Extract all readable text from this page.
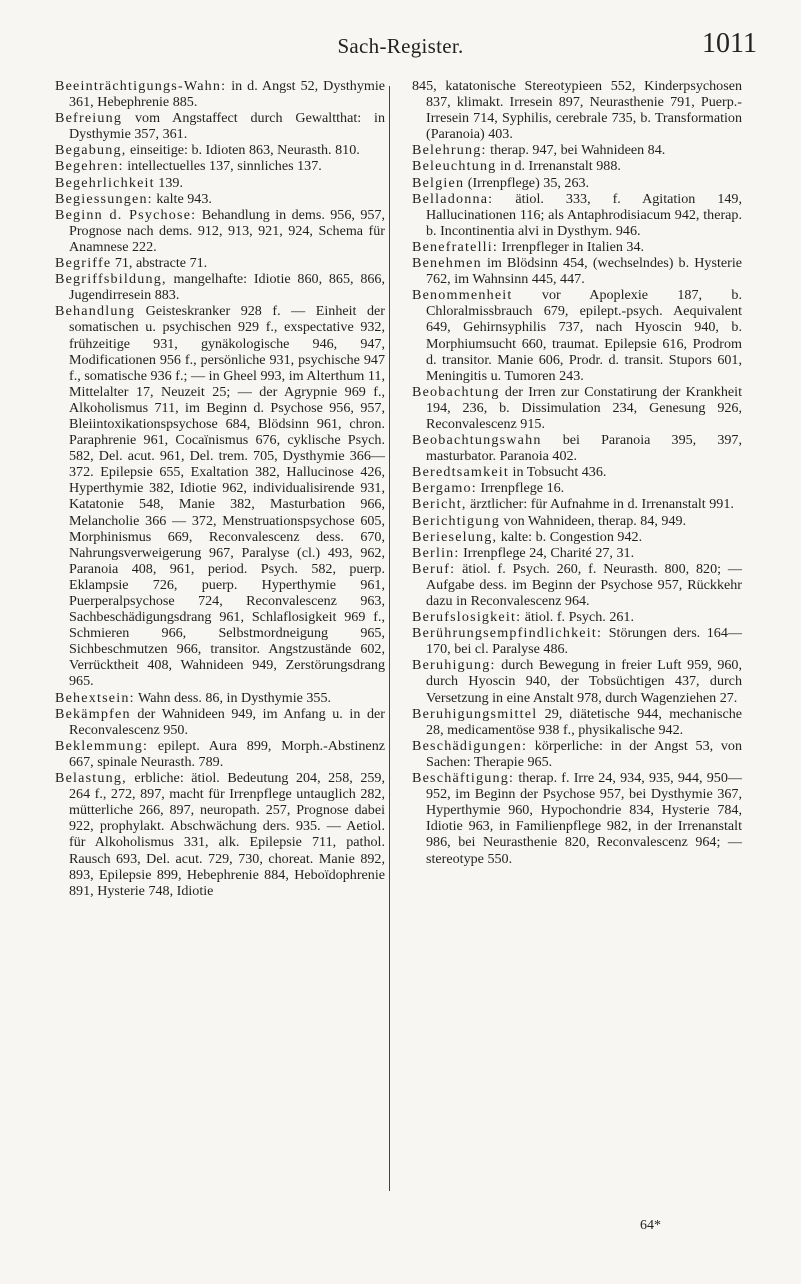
Sach-Register.	1011

Beeinträchtigungs-Wahn: in d. Angst 52, Dysthymie 361, Hebephrenie 885.

Befreiung vom Angstaffect durch Gewaltthat: in Dysthymie 357, 361.

Begabung, einseitige: b. Idioten 863, Neurasth. 810.

Begehren: intellectuelles 137, sinnliches 137.

Begehrlichkeit 139.

Begiessungen: kalte 943.

Beginn d. Psychose: Behandlung in dems. 956, 957, Prognose nach dems. 912, 913, 921, 924, Schema für Anamnese 222.

Begriffe 71, abstracte 71.

Begriffsbildung, mangelhafte: Idiotie 860, 865, 866, Jugendirresein 883.

Behandlung Geisteskranker 928 f. — Einheit der somatischen u. psychischen 929 f., exspectative 932, frühzeitige 931, gynäkologische 946, 947, Modificationen 956 f., persönliche 931, psychische 947 f., somatische 936 f.; — in Gheel 993, im Alterthum 11, Mittelalter 17, Neuzeit 25; — der Agrypnie 969 f., Alkoholismus 711, im Beginn d. Psychose 956, 957, Bleiintoxikationspsychose 684, Blödsinn 961, chron. Paraphrenie 961, Cocaïnismus 676, cyklische Psych. 582, Del. acut. 961, Del. trem. 705, Dysthymie 366—372. Epilepsie 655, Exaltation 382, Hallucinose 426, Hyperthymie 382, Idiotie 962, individualisirende 931, Katatonie 548, Manie 382, Masturbation 966, Melancholie 366 — 372, Menstruationspsychose 605, Morphinismus 669, Reconvalescenz dess. 670, Nahrungsverweigerung 967, Paralyse (cl.) 493, 962, Paranoia 408, 961, period. Psych. 582, puerp. Eklampsie 726, puerp. Hyperthymie 961, Puerperalpsychose 724, Reconvalescenz 963, Sachbeschädigungsdrang 961, Schlaflosigkeit 969 f., Schmieren 966, Selbstmordneigung 965, Sichbeschmutzen 966, transitor. Angstzustände 602, Verrücktheit 408, Wahnideen 949, Zerstörungsdrang 965.

Behextsein: Wahn dess. 86, in Dysthymie 355.

Bekämpfen der Wahnideen 949, im Anfang u. in der Reconvalescenz 950.

Beklemmung: epilept. Aura 899, Morph.-Abstinenz 667, spinale Neurasth. 789.

Belastung, erbliche: ätiol. Bedeutung 204, 258, 259, 264 f., 272, 897, macht für Irrenpflege untauglich 282, mütterliche 266, 897, neuropath. 257, Prognose dabei 922, prophylakt. Abschwächung ders. 935. — Aetiol. für Alkoholismus 331, alk. Epilepsie 711, pathol. Rausch 693, Del. acut. 729, 730, choreat. Manie 892, 893, Epilepsie 899, Hebephrenie 884, Heboïdophrenie 891, Hysterie 748, Idiotie

845, katatonische Stereotypieen 552, Kinderpsychosen 837, klimakt. Irresein 897, Neurasthenie 791, Puerp.-Irresein 714, Syphilis, cerebrale 735, b. Transformation (Paranoia) 403.

Belehrung: therap. 947, bei Wahnideen 84.

Beleuchtung in d. Irrenanstalt 988.

Belgien (Irrenpflege) 35, 263.

Belladonna: ätiol. 333, f. Agitation 149, Hallucinationen 116; als Antaphrodisiacum 942, therap. b. Incontinentia alvi in Dysthym. 946.

Benefratelli: Irrenpfleger in Italien 34.

Benehmen im Blödsinn 454, (wechselndes) b. Hysterie 762, im Wahnsinn 445, 447.

Benommenheit vor Apoplexie 187, b. Chloralmissbrauch 679, epilept.-psych. Aequivalent 649, Gehirnsyphilis 737, nach Hyoscin 940, b. Morphiumsucht 660, traumat. Epilepsie 616, Prodrom d. transitor. Manie 606, Prodr. d. transit. Stupors 601, Meningitis u. Tumoren 243.

Beobachtung der Irren zur Constatirung der Krankheit 194, 236, b. Dissimulation 234, Genesung 926, Reconvalescenz 915.

Beobachtungswahn bei Paranoia 395, 397, masturbator. Paranoia 402.

Beredtsamkeit in Tobsucht 436.

Bergamo: Irrenpflege 16.

Bericht, ärztlicher: für Aufnahme in d. Irrenanstalt 991.

Berichtigung von Wahnideen, therap. 84, 949.

Berieselung, kalte: b. Congestion 942.

Berlin: Irrenpflege 24, Charité 27, 31.

Beruf: ätiol. f. Psych. 260, f. Neurasth. 800, 820; — Aufgabe dess. im Beginn der Psychose 957, Rückkehr dazu in Reconvalescenz 964.

Berufslosigkeit: ätiol. f. Psych. 261.

Berührungsempfindlichkeit: Störungen ders. 164—170, bei cl. Paralyse 486.

Beruhigung: durch Bewegung in freier Luft 959, 960, durch Hyoscin 940, der Tobsüchtigen 437, durch Versetzung in eine Anstalt 978, durch Wagenziehen 27.

Beruhigungsmittel 29, diätetische 944, mechanische 28, medicamentöse 938 f., physikalische 942.

Beschädigungen: körperliche: in der Angst 53, von Sachen: Therapie 965.

Beschäftigung: therap. f. Irre 24, 934, 935, 944, 950—952, im Beginn der Psychose 957, bei Dysthymie 367, Hyperthymie 960, Hypochondrie 834, Hysterie 784, Idiotie 963, in Familienpflege 982, in der Irrenanstalt 986, bei Neurasthenie 820, Reconvalescenz 964; — stereotype 550.

64*
